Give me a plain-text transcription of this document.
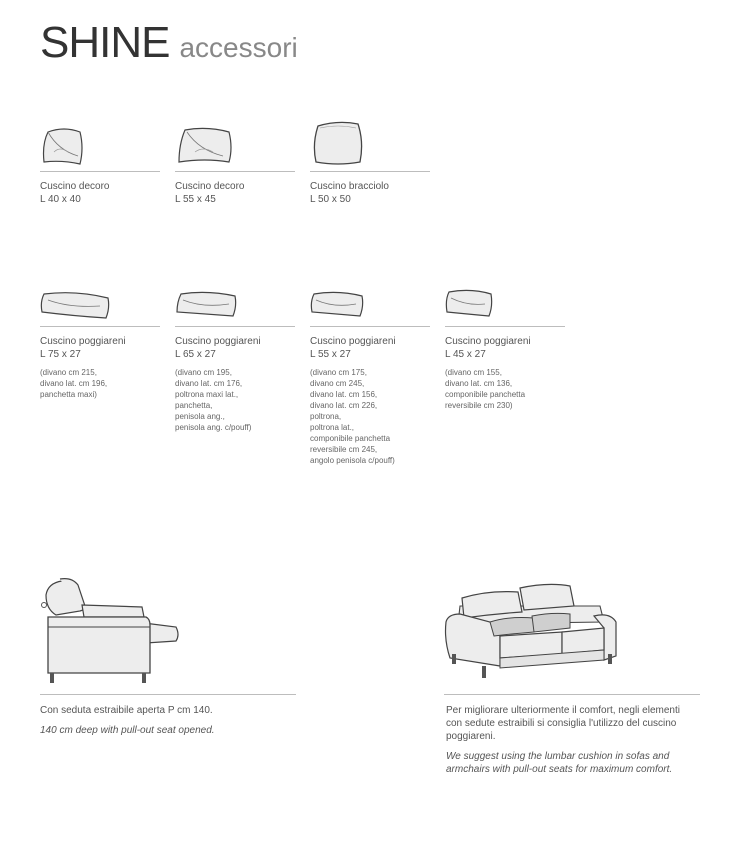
SHINE accessori
Cuscino decoro
L 40 x 40
Cuscino decoro
L 55 x 45
Cuscino bracciolo
L 50 x 50
Cuscino poggiareni
L 75 x 27
(divano cm 215,
divano lat. cm 196,
panchetta maxi)
Cuscino poggiareni
L 65 x 27
(divano cm 195,
divano lat. cm 176,
poltrona maxi lat.,
panchetta,
penisola ang.,
penisola ang. c/pouff)
Cuscino poggiareni
L 55 x 27
(divano cm 175,
divano cm 245,
divano lat. cm 156,
divano lat. cm 226,
poltrona,
poltrona lat.,
componibile panchetta
reversibile cm 245,
angolo penisola c/pouff)
Cuscino poggiareni
L 45 x 27
(divano cm 155,
divano lat. cm 136,
componibile panchetta
reversibile cm 230)
Con seduta estraibile aperta P cm 140.
140 cm deep with pull-out seat opened.
Per migliorare ulteriormente il comfort, negli elementi
con sedute estraibili si consiglia l'utilizzo del cuscino
poggiareni.
We suggest using the lumbar cushion in sofas and
armchairs with pull-out seats for maximum comfort.
